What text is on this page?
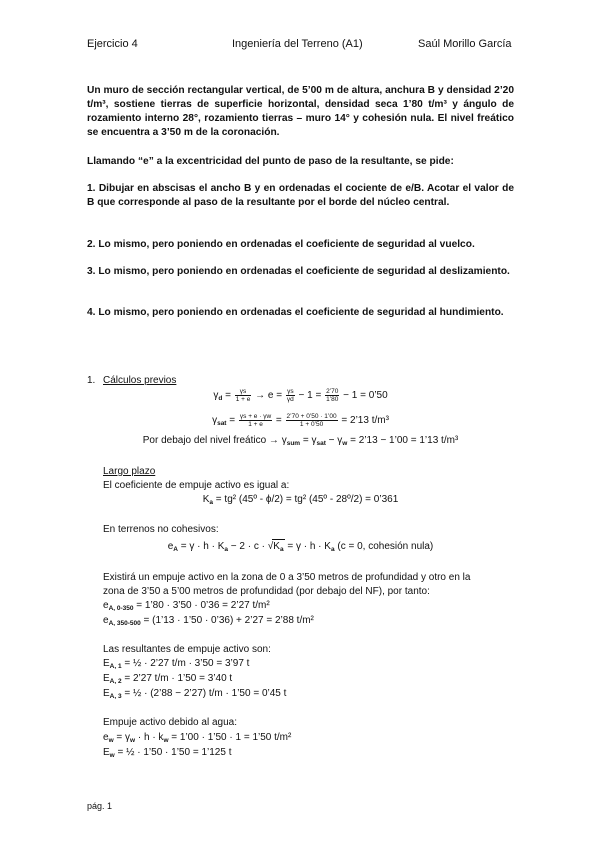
Ejercicio 4	Ingeniería del Terreno (A1)	Saúl Morillo García

Un muro de sección rectangular vertical, de 5’00 m de altura, anchura B y densidad 2’20 t/m³, sostiene tierras de superficie horizontal, densidad seca 1’80 t/m³ y ángulo de rozamiento interno 28°, rozamiento tierras – muro 14° y cohesión nula. El nivel freático se encuentra a 3’50 m de la coronación.

Llamando “e” a la excentricidad del punto de paso de la resultante, se pide:

1. Dibujar en abscisas el ancho B y en ordenadas el cociente de e/B. Acotar el valor de B que corresponde al paso de la resultante por el borde del núcleo central.

2. Lo mismo, pero poniendo en ordenadas el coeficiente de seguridad al vuelco.

3. Lo mismo, pero poniendo en ordenadas el coeficiente de seguridad al deslizamiento.

4. Lo mismo, pero poniendo en ordenadas el coeficiente de seguridad al hundimiento.

1. Cálculos previos
$\gamma_d = \frac{\gamma s}{1 + e} \to e = \frac{\gamma s}{\gamma d} - 1 = \frac{2’70}{1’80} - 1$ = 0’50
$\gamma_{sat} = \frac{\gamma s + e \cdot \gamma w}{1 + e} = \frac{2’70 + 0’50 \cdot 1’00}{1 + 0’50}$ = 2’13 t/m³
Por debajo del nivel freático → $\gamma_{sum} = \gamma_{sat} - \gamma_w$ = 2’13 − 1’00 = 1’13 t/m³
Largo plazo
El coeficiente de empuje activo es igual a:
$K_a = tg^2$ (45º - ϕ/2) = tg² (45º - 28º/2) = 0’361
En terrenos no cohesivos:
$e_A = \gamma \cdot h \cdot K_a - 2 \cdot c \cdot √K_a = \gamma \cdot h \cdot K_a$ (c = 0, cohesión nula)
Existirá un empuje activo en la zona de 0 a 3’50 metros de profundidad y otro en la
zona de 3’50 a 5’00 metros de profundidad (por debajo del NF), por tanto:
$e_{A, 0-350}$ = 1’80 · 3’50 · 0’36 = 2’27 t/m²
$e_{A, 350-500}$ = (1’13 · 1’50 · 0’36) + 2’27 = 2’88 t/m²
Las resultantes de empuje activo son:
$E_{A, 1}$ = ½ · 2’27 t/m · 3’50 = 3’97 t
$E_{A, 2}$ = 2’27 t/m · 1’50 = 3’40 t
$E_{A, 3}$ = ½ · (2’88 − 2’27) t/m · 1’50 = 0’45 t
Empuje activo debido al agua:
$e_w = \gamma_w \cdot h \cdot k_w$ = 1’00 · 1’50 · 1 = 1’50 t/m²
$E_w$ = ½ · 1’50 · 1’50 = 1’125 t
pág. 1
